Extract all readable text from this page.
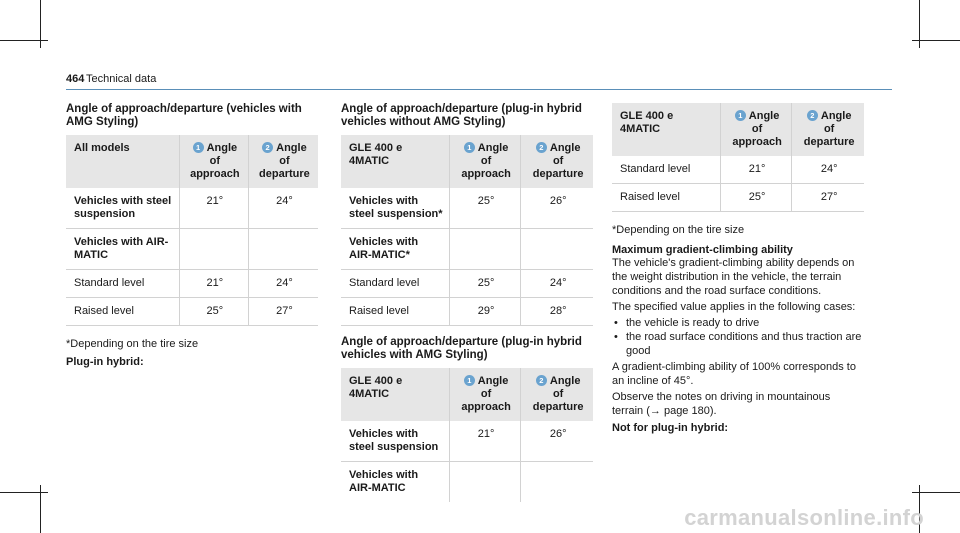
464 Technical data
Angle of approach/departure (vehicles with AMG Styling)
All models	1 Angle of approach	2 Angle of departure
Vehicles with steel suspension	21°	24°
Vehicles with AIR-MATIC		
Standard level	21°	24°
Raised level	25°	27°
*Depending on the tire size
Plug-in hybrid:
Angle of approach/departure (plug-in hybrid vehicles without AMG Styling)
GLE 400 e 4MATIC	1 Angle of approach	2 Angle of departure
Vehicles with steel suspension*	25°	26°
Vehicles with AIR-MATIC*		
Standard level	25°	24°
Raised level	29°	28°
Angle of approach/departure (plug-in hybrid vehicles with AMG Styling)
GLE 400 e 4MATIC	1 Angle of approach	2 Angle of departure
Vehicles with steel suspension	21°	26°
Vehicles with AIR-MATIC		
GLE 400 e 4MATIC	1 Angle of approach	2 Angle of departure
Standard level	21°	24°
Raised level	25°	27°
*Depending on the tire size
Maximum gradient-climbing ability

The vehicle's gradient-climbing ability depends on the weight distribution in the vehicle, the terrain conditions and the road surface conditions.

The specified value applies in the following cases:

• the vehicle is ready to drive
• the road surface conditions and thus traction are good

A gradient-climbing ability of 100% corresponds to an incline of 45°.

Observe the notes on driving in mountainous terrain (→ page 180).

Not for plug-in hybrid:
carmanualsonline.info
